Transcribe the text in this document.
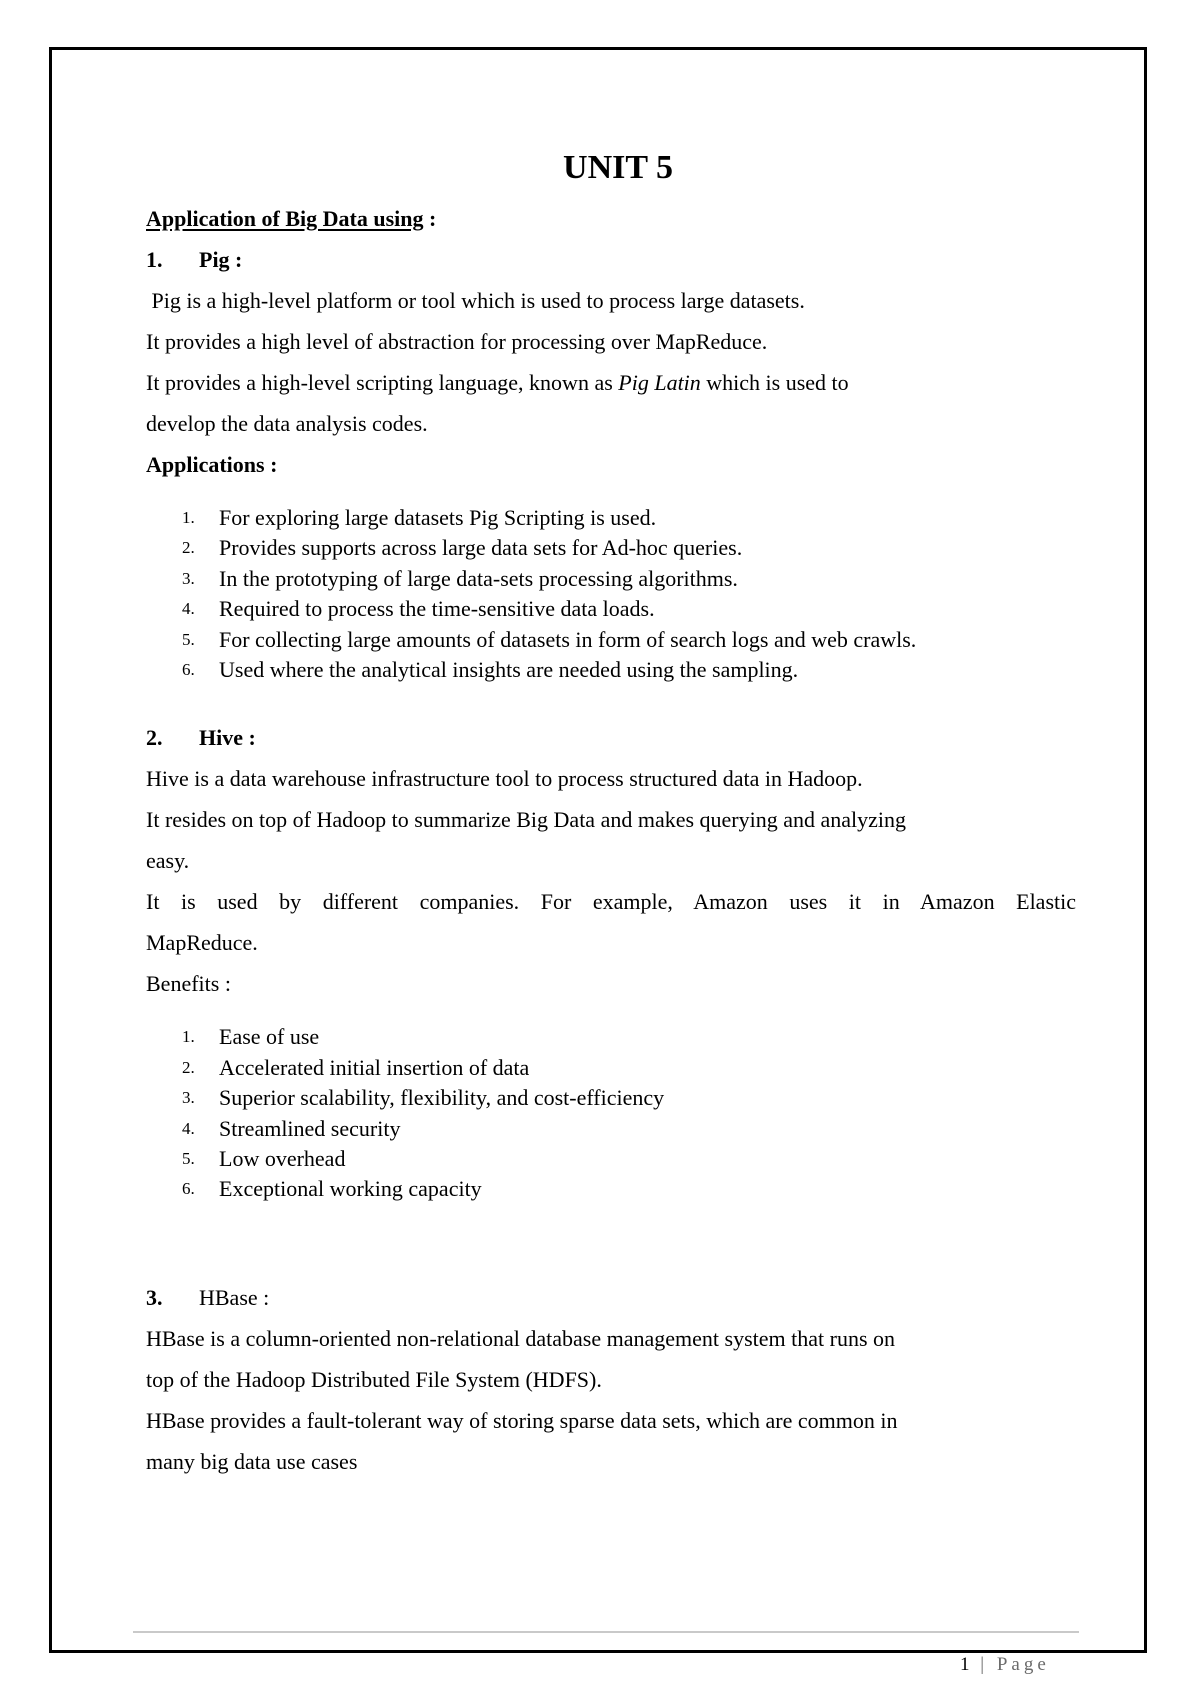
UNIT 5

Application of Big Data using :

1. Pig :

Pig is a high-level platform or tool which is used to process large datasets.

It provides a high level of abstraction for processing over MapReduce.

It provides a high-level scripting language, known as Pig Latin which is used to

develop the data analysis codes.

Applications :

1.	For exploring large datasets Pig Scripting is used.
2.	Provides supports across large data sets for Ad-hoc queries.
3.	In the prototyping of large data-sets processing algorithms.
4.	Required to process the time-sensitive data loads.
5.	For collecting large amounts of datasets in form of search logs and web crawls.
6.	Used where the analytical insights are needed using the sampling.

2. Hive :

Hive is a data warehouse infrastructure tool to process structured data in Hadoop.

It resides on top of Hadoop to summarize Big Data and makes querying and analyzing

easy.

It is used by different companies. For example, Amazon uses it in Amazon Elastic

MapReduce.

Benefits :

1.	Ease of use
2.	Accelerated initial insertion of data
3.	Superior scalability, flexibility, and cost-efficiency
4.	Streamlined security
5.	Low overhead
6.	Exceptional working capacity

3. HBase :

HBase is a column-oriented non-relational database management system that runs on

top of the Hadoop Distributed File System (HDFS).

HBase provides a fault-tolerant way of storing sparse data sets, which are common in

many big data use cases

1 | Page
